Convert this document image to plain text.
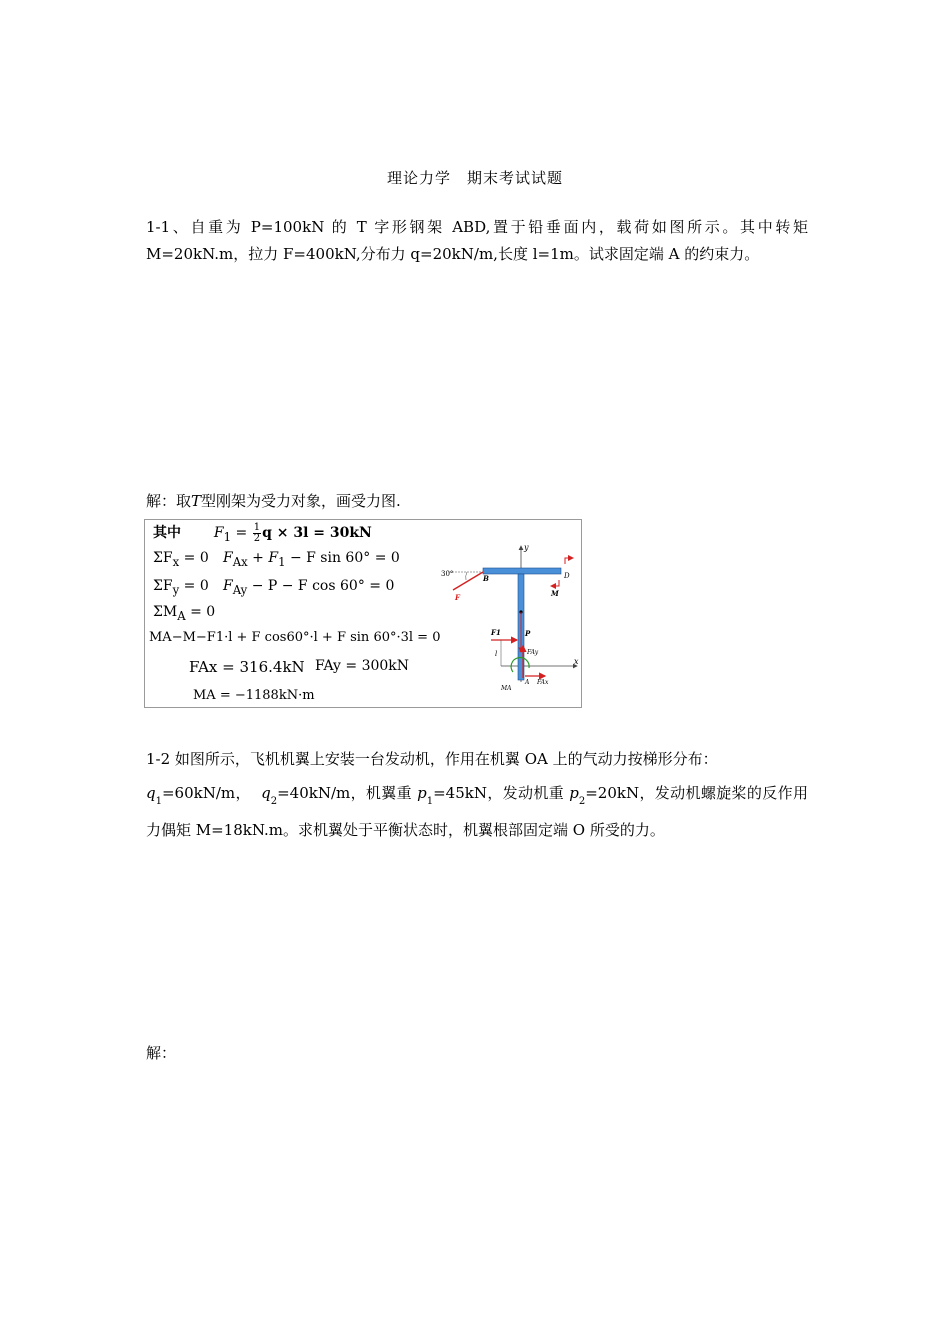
理论力学　期末考试试题
1-1、自重为 P=100kN 的 T 字形钢架 ABD,置于铅垂面内，载荷如图所示。其中转矩 M=20kN.m，拉力 F=400kN,分布力 q=20kN/m,长度 l=1m。试求固定端 A 的约束力。
解：取T型刚架为受力对象，画受力图.
其中 $F_1 = \frac{1}{2}$ q × 3l = 30kN
$\Sigma F_x = 0$ $F_{Ax} + F_1 - F$ sin 60° = 0
$\Sigma F_y = 0$ $F_{Ay} - P - F$ cos 60° = 0
$\Sigma M_A = 0$
MA−M−F1·l + F cos60°·l + F sin 60°·3l = 0
FAx = 316.4kN FAy = 300kN
MA = −1188kN·m
y
x
30°	B
F
D
M
P
F1
l	FAy
A FAx
MA
1-2 如图所示，飞机机翼上安装一台发动机，作用在机翼 OA 上的气动力按梯形分布：
$q_1=60kN/m$， $q_2=40kN/m$，机翼重 $p_1=45kN$，发动机重 $p_2=20kN$，发动机螺旋桨的反作用力偶矩 M=18kN.m。求机翼处于平衡状态时，机翼根部固定端 O 所受的力。
解：
